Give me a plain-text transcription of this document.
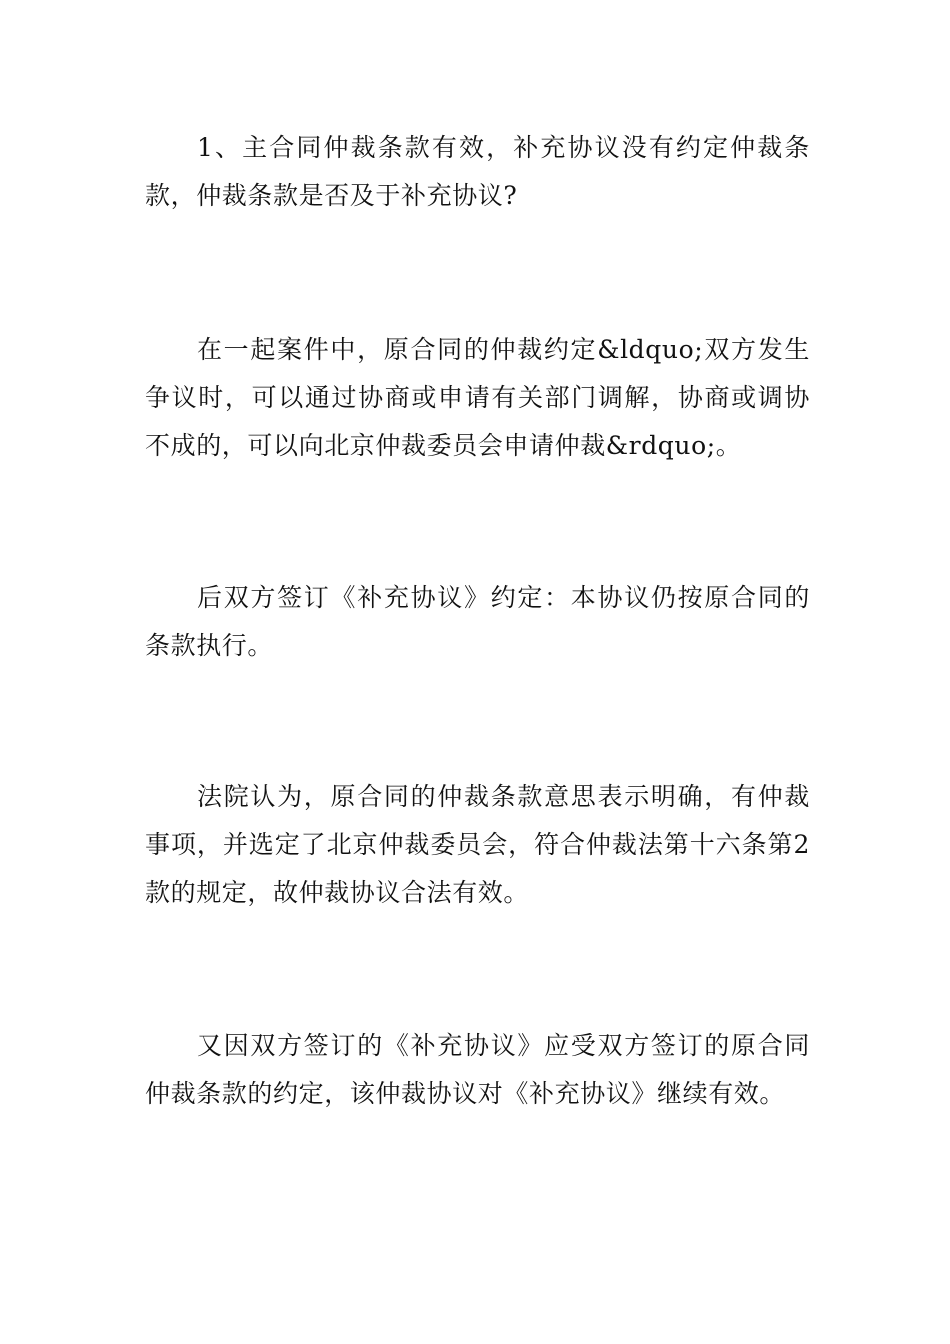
1、主合同仲裁条款有效，补充协议没有约定仲裁条款，仲裁条款是否及于补充协议?

在一起案件中，原合同的仲裁约定&ldquo;双方发生争议时，可以通过协商或申请有关部门调解，协商或调协不成的，可以向北京仲裁委员会申请仲裁&rdquo;。

后双方签订《补充协议》约定：本协议仍按原合同的条款执行。

法院认为，原合同的仲裁条款意思表示明确，有仲裁事项，并选定了北京仲裁委员会，符合仲裁法第十六条第2款的规定，故仲裁协议合法有效。

又因双方签订的《补充协议》应受双方签订的原合同仲裁条款的约定，该仲裁协议对《补充协议》继续有效。
